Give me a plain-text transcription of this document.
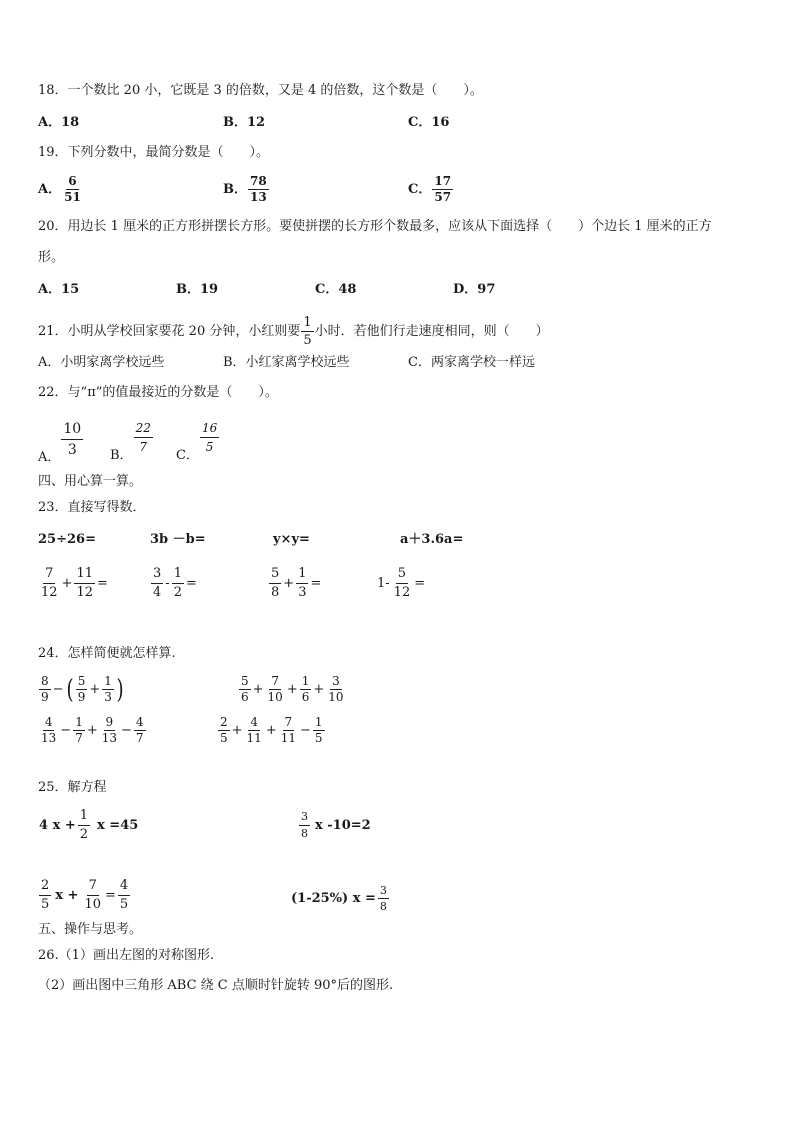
18．一个数比 20 小，它既是 3 的倍数，又是 4 的倍数，这个数是（　　）。
A．18	B．12	C．16
19．下列分数中，最简分数是（　　）。
A． $\frac{6}{51}$	B． $\frac{78}{13}$	C． $\frac{17}{57}$
20．用边长 1 厘米的正方形拼摆长方形。要使拼摆的长方形个数最多，应该从下面选择（　　）个边长 1 厘米的正方
形。
A．15	B．19	C．48	D．97
21．小明从学校回家要花 20 分钟，小红则要 $\frac{1}{5}$ 小时．若他们行走速度相同，则（　　）
A．小明家离学校远些	B．小红家离学校远些	C．两家离学校一样远
22．与“π”的值最接近的分数是（　　）。
A． $\frac{10}{3}$ B．
$\frac{22}{7}$
C．
$\frac{16}{5}$
四、用心算一算。
23．直接写得数．
25÷26=	3b －b=	y×y=	a＋3.6a=
$\frac{7}{12} + \frac{11}{12}$ =	$\frac{3}{4} - \frac{1}{2}$ =	$\frac{5}{8} + \frac{1}{3}$ =	$1- \frac{5}{12}$ =
24．怎样简便就怎样算.
$\frac{8}{9}$ −( $\frac{5}{9} + \frac{1}{3}$ )	$\frac{5}{6} + \frac{7}{10} + \frac{1}{6} + \frac{3}{10}$
$\frac{4}{13} - \frac{1}{7} + \frac{9}{13} - \frac{4}{7}$	$\frac{2}{5} + \frac{4}{11} + \frac{7}{11} - \frac{1}{5}$
25．解方程
4 $x + \frac{1}{2}$ x =45	$\frac{3}{8}$ x -10=2
$\frac{2}{5}$ $x + \frac{7}{10} = \frac{4}{5}$	(1-25%) $x = \frac{3}{8}$
五、操作与思考。
26.（1）画出左图的对称图形.
（2）画出图中三角形 ABC 绕 C 点顺时针旋转 90°后的图形.
